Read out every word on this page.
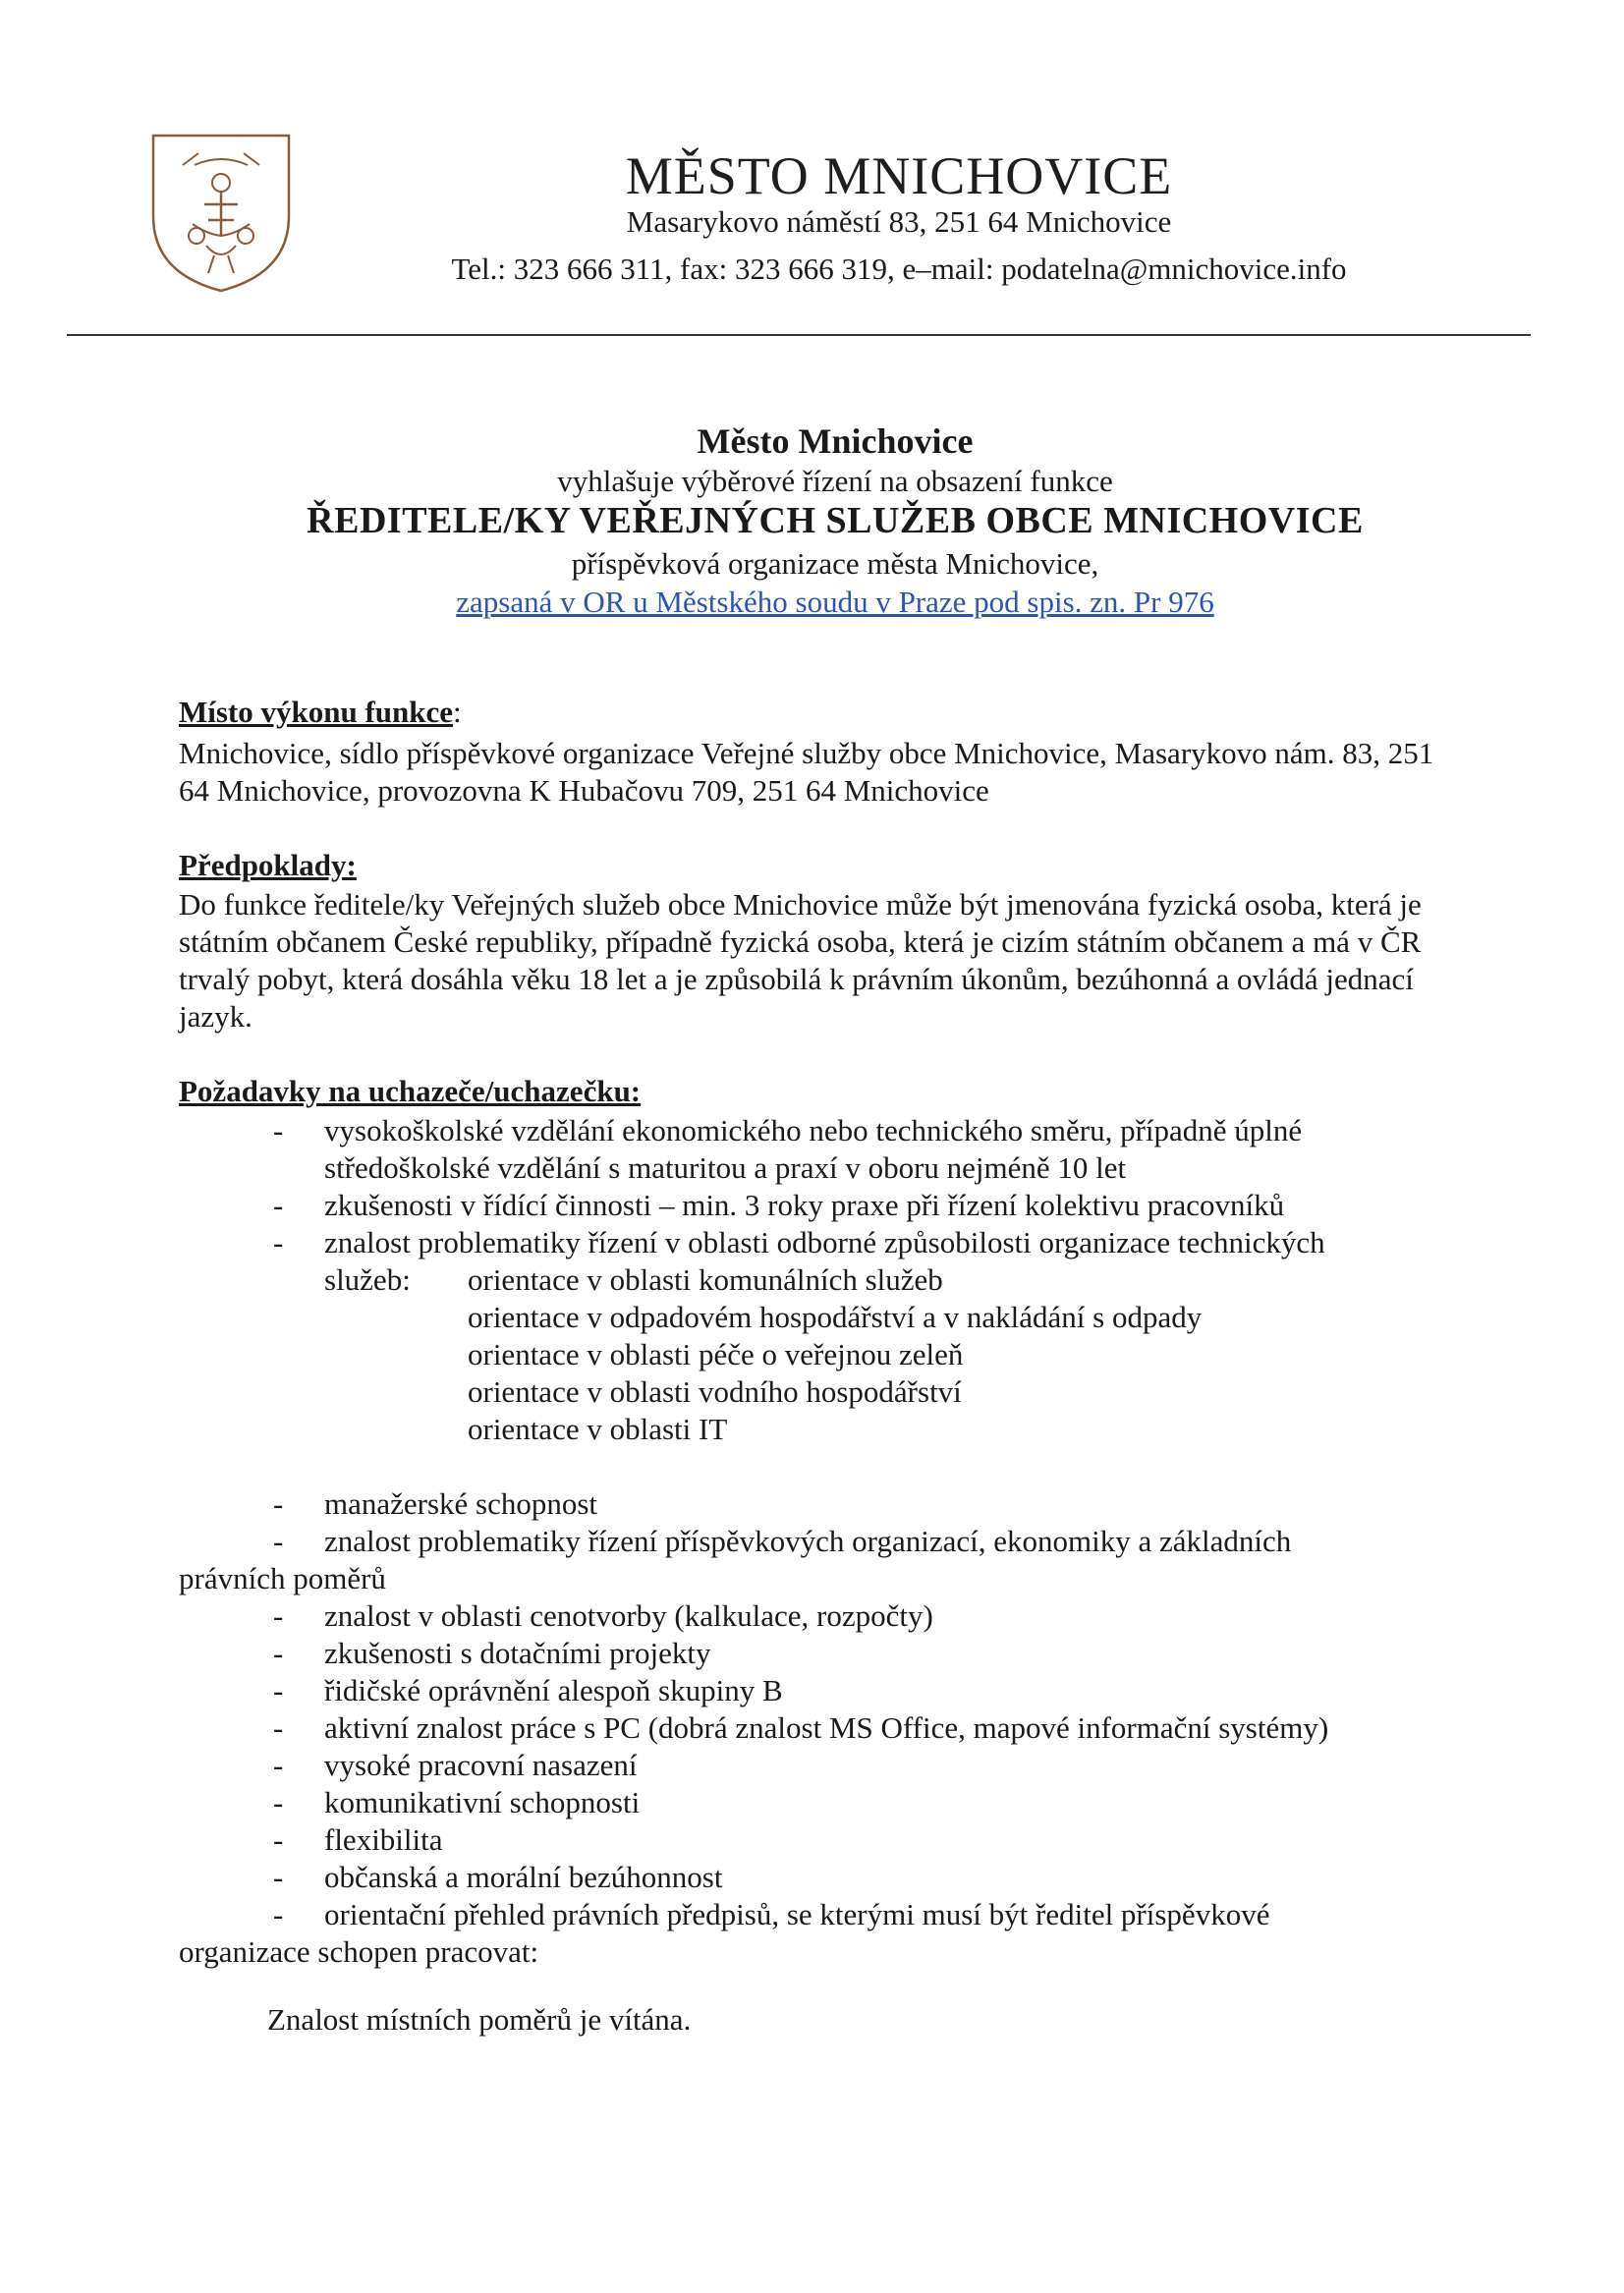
MĚSTO MNICHOVICE
Masarykovo náměstí 83, 251 64 Mnichovice
Tel.: 323 666 311, fax: 323 666 319, e–mail: podatelna@mnichovice.info
Město Mnichovice
vyhlašuje výběrové řízení na obsazení funkce
ŘEDITELE/KY VEŘEJNÝCH SLUŽEB OBCE MNICHOVICE
příspěvková organizace města Mnichovice,
zapsaná v OR u Městského soudu v Praze pod spis. zn. Pr 976
Místo výkonu funkce:
Mnichovice, sídlo příspěvkové organizace Veřejné služby obce Mnichovice, Masarykovo nám. 83, 251 64 Mnichovice, provozovna K Hubačovu 709, 251 64 Mnichovice
Předpoklady:
Do funkce ředitele/ky Veřejných služeb obce Mnichovice může být jmenována fyzická osoba, která je státním občanem České republiky, případně fyzická osoba, která je cizím státním občanem a má v ČR trvalý pobyt, která dosáhla věku 18 let a je způsobilá k právním úkonům, bezúhonná a ovládá jednací jazyk.
Požadavky na uchazeče/uchazečku:
- vysokoškolské vzdělání ekonomického nebo technického směru, případně úplné
středoškolské vzdělání s maturitou a praxí v oboru nejméně 10 let
- zkušenosti v řídící činnosti – min. 3 roky praxe při řízení kolektivu pracovníků
- znalost problematiky řízení v oblasti odborné způsobilosti organizace technických
služeb: orientace v oblasti komunálních služeb
orientace v odpadovém hospodářství a v nakládání s odpady
orientace v oblasti péče o veřejnou zeleň
orientace v oblasti vodního hospodářství
orientace v oblasti IT
- manažerské schopnost
- znalost problematiky řízení příspěvkových organizací, ekonomiky a základních
právních poměrů
- znalost v oblasti cenotvorby (kalkulace, rozpočty)
- zkušenosti s dotačními projekty
- řidičské oprávnění alespoň skupiny B
- aktivní znalost práce s PC (dobrá znalost MS Office, mapové informační systémy)
- vysoké pracovní nasazení
- komunikativní schopnosti
- flexibilita
- občanská a morální bezúhonnost
- orientační přehled právních předpisů, se kterými musí být ředitel příspěvkové
organizace schopen pracovat:
Znalost místních poměrů je vítána.
